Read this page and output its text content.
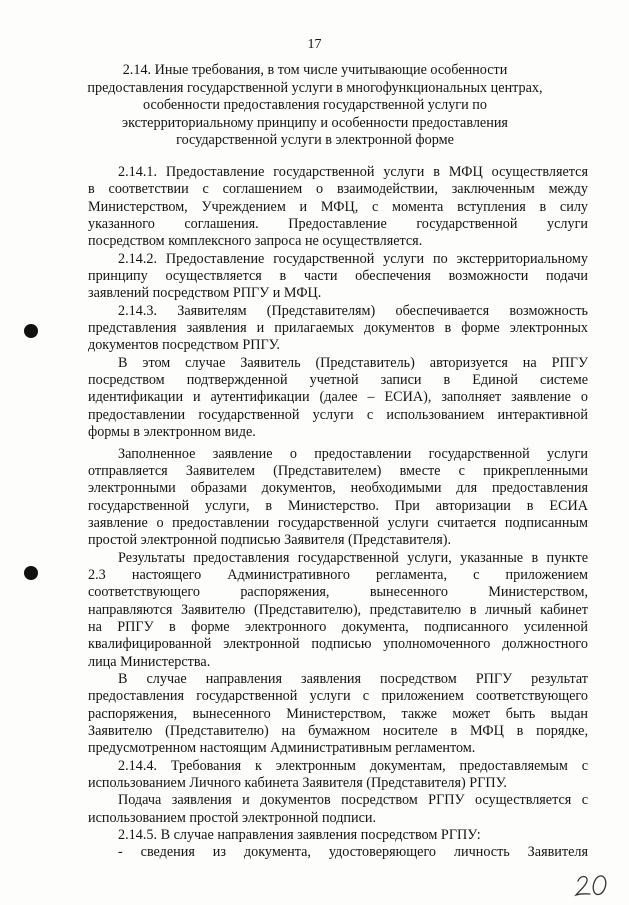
17
2.14. Иные требования, в том числе учитывающие особенности
предоставления государственной услуги в многофункциональных центрах,
особенности предоставления государственной услуги по
экстерриториальному принципу и особенности предоставления
государственной услуги в электронной форме
2.14.1. Предоставление государственной услуги в МФЦ осуществляется
в соответствии с соглашением о взаимодействии, заключенным между
Министерством, Учреждением и МФЦ, с момента вступления в силу
указанного соглашения. Предоставление государственной услуги
посредством комплексного запроса не осуществляется.
2.14.2. Предоставление государственной услуги по экстерриториальному
принципу осуществляется в части обеспечения возможности подачи
заявлений посредством РПГУ и МФЦ.
2.14.3. Заявителям (Представителям) обеспечивается возможность
представления заявления и прилагаемых документов в форме электронных
документов посредством РПГУ.
В этом случае Заявитель (Представитель) авторизуется на РПГУ
посредством подтвержденной учетной записи в Единой системе
идентификации и аутентификации (далее – ЕСИА), заполняет заявление о
предоставлении государственной услуги с использованием интерактивной
формы в электронном виде.
Заполненное заявление о предоставлении государственной услуги
отправляется Заявителем (Представителем) вместе с прикрепленными
электронными образами документов, необходимыми для предоставления
государственной услуги, в Министерство. При авторизации в ЕСИА
заявление о предоставлении государственной услуги считается подписанным
простой электронной подписью Заявителя (Представителя).
Результаты предоставления государственной услуги, указанные в пункте
2.3 настоящего Административного регламента, с приложением
соответствующего распоряжения, вынесенного Министерством,
направляются Заявителю (Представителю), представителю в личный кабинет
на РПГУ в форме электронного документа, подписанного усиленной
квалифицированной электронной подписью уполномоченного должностного
лица Министерства.
В случае направления заявления посредством РПГУ результат
предоставления государственной услуги с приложением соответствующего
распоряжения, вынесенного Министерством, также может быть выдан
Заявителю (Представителю) на бумажном носителе в МФЦ в порядке,
предусмотренном настоящим Административным регламентом.
2.14.4. Требования к электронным документам, предоставляемым с
использованием Личного кабинета Заявителя (Представителя) РГПУ.
Подача заявления и документов посредством РГПУ осуществляется с
использованием простой электронной подписи.
2.14.5. В случае направления заявления посредством РГПУ:
- сведения из документа, удостоверяющего личность Заявителя
